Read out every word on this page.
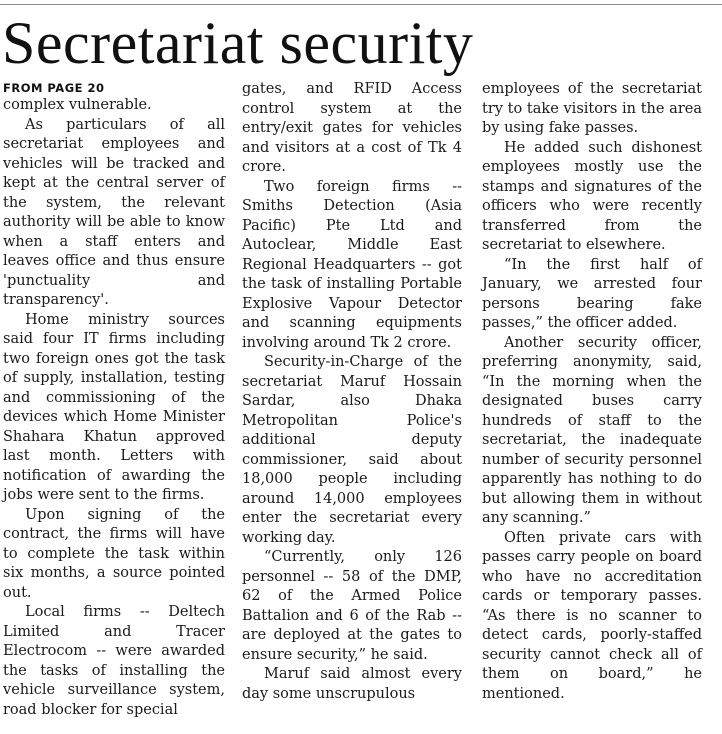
Secretariat security
FROM PAGE 20

complex vulnerable.

As particulars of all secretariat employees and vehicles will be tracked and kept at the central server of the system, the relevant authority will be able to know when a staff enters and leaves office and thus ensure 'punctuality and transparency'.

Home ministry sources said four IT firms including two foreign ones got the task of supply, installation, testing and commissioning of the devices which Home Minister Shahara Khatun approved last month. Letters with notification of awarding the jobs were sent to the firms.

Upon signing of the contract, the firms will have to complete the task within six months, a source pointed out.

Local firms -- Deltech Limited and Tracer Electrocom -- were awarded the tasks of installing the vehicle surveillance system, road blocker for special

gates, and RFID Access control system at the entry/exit gates for vehicles and visitors at a cost of Tk 4 crore.

Two foreign firms -- Smiths Detection (Asia Pacific) Pte Ltd and Autoclear, Middle East Regional Headquarters -- got the task of installing Portable Explosive Vapour Detector and scanning equipments involving around Tk 2 crore.

Security-in-Charge of the secretariat Maruf Hossain Sardar, also Dhaka Metropolitan Police's additional deputy commissioner, said about 18,000 people including around 14,000 employees enter the secretariat every working day.

“Currently, only 126 personnel -- 58 of the DMP, 62 of the Armed Police Battalion and 6 of the Rab -- are deployed at the gates to ensure security,” he said.

Maruf said almost every day some unscrupulous

employees of the secretariat try to take visitors in the area by using fake passes.

He added such dishonest employees mostly use the stamps and signatures of the officers who were recently transferred from the secretariat to elsewhere.

“In the first half of January, we arrested four persons bearing fake passes,” the officer added.

Another security officer, preferring anonymity, said, “In the morning when the designated buses carry hundreds of staff to the secretariat, the inadequate number of security personnel apparently has nothing to do but allowing them in without any scanning.”

Often private cars with passes carry people on board who have no accreditation cards or temporary passes. “As there is no scanner to detect cards, poorly-staffed security cannot check all of them on board,” he mentioned.
